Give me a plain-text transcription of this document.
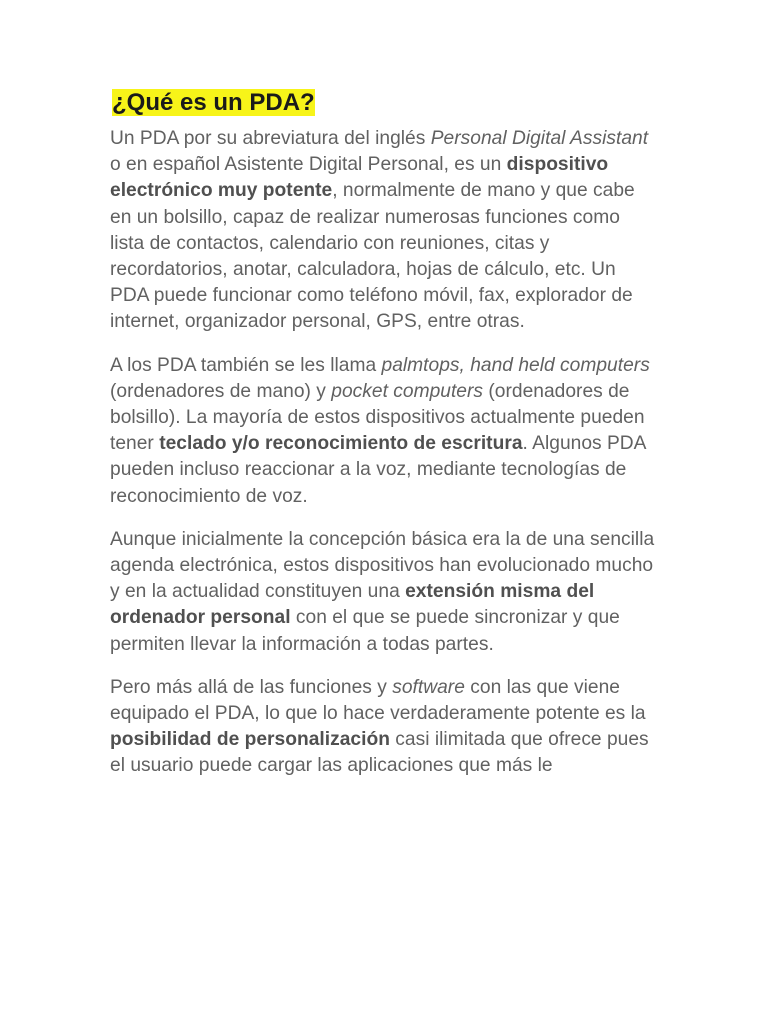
¿Qué es un PDA?

Un PDA por su abreviatura del inglés Personal Digital Assistant o en español Asistente Digital Personal, es un dispositivo electrónico muy potente, normalmente de mano y que cabe en un bolsillo, capaz de realizar numerosas funciones como lista de contactos, calendario con reuniones, citas y recordatorios, anotar, calculadora, hojas de cálculo, etc. Un PDA puede funcionar como teléfono móvil, fax, explorador de internet, organizador personal, GPS, entre otras.

A los PDA también se les llama palmtops, hand held computers (ordenadores de mano) y pocket computers (ordenadores de bolsillo). La mayoría de estos dispositivos actualmente pueden tener teclado y/o reconocimiento de escritura. Algunos PDA pueden incluso reaccionar a la voz, mediante tecnologías de reconocimiento de voz.

Aunque inicialmente la concepción básica era la de una sencilla agenda electrónica, estos dispositivos han evolucionado mucho y en la actualidad constituyen una extensión misma del ordenador personal con el que se puede sincronizar y que permiten llevar la información a todas partes.

Pero más allá de las funciones y software con las que viene equipado el PDA, lo que lo hace verdaderamente potente es la posibilidad de personalización casi ilimitada que ofrece pues el usuario puede cargar las aplicaciones que más le
